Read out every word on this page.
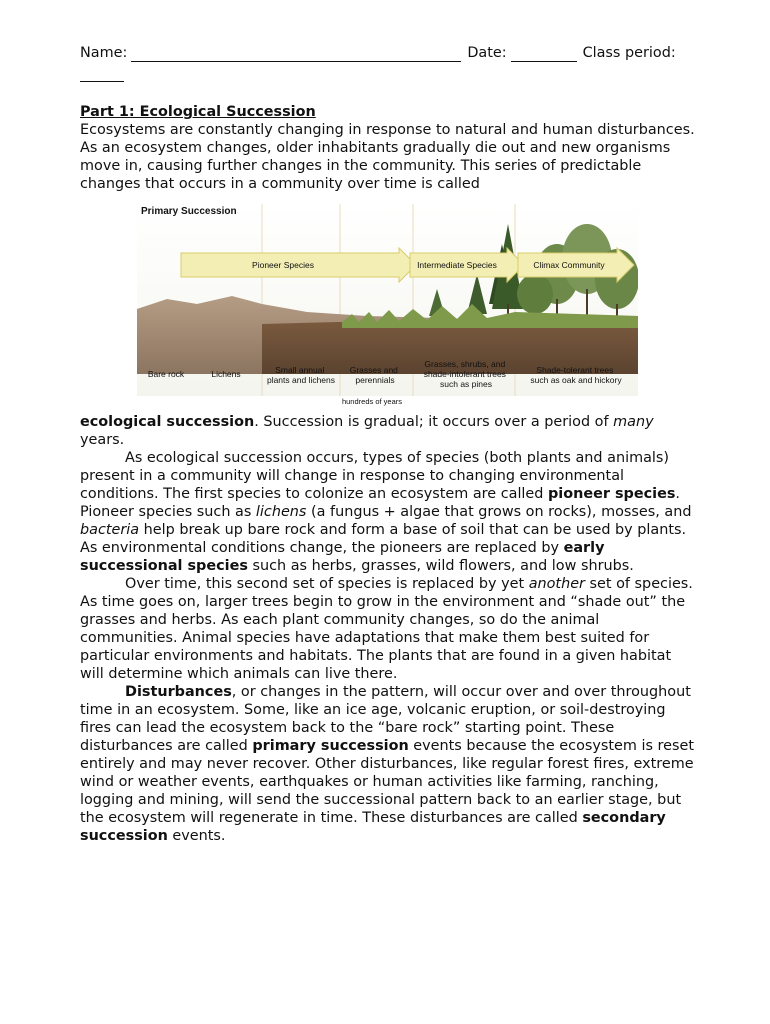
Name:	Date:	Class period:
Part 1: Ecological Succession

Ecosystems are constantly changing in response to natural and human disturbances. As an ecosystem changes, older inhabitants gradually die out and new organisms move in, causing further changes in the community. This series of predictable changes that occurs in a community over time is called

Primary Succession
Pioneer Species	Intermediate Species	Climax Community
Bare rock	Lichens	Small annual plants and lichens
Grasses and perennials
Grasses, shrubs, and shade-intolerant trees such as pines
Shade-tolerant trees such as oak and hickory
hundreds of years

ecological succession. Succession is gradual; it occurs over a period of many years.

As ecological succession occurs, types of species (both plants and animals) present in a community will change in response to changing environmental conditions. The first species to colonize an ecosystem are called pioneer species. Pioneer species such as lichens (a fungus + algae that grows on rocks), mosses, and bacteria help break up bare rock and form a base of soil that can be used by plants. As environmental conditions change, the pioneers are replaced by early successional species such as herbs, grasses, wild flowers, and low shrubs.

Over time, this second set of species is replaced by yet another set of species. As time goes on, larger trees begin to grow in the environment and “shade out” the grasses and herbs. As each plant community changes, so do the animal communities. Animal species have adaptations that make them best suited for particular environments and habitats. The plants that are found in a given habitat will determine which animals can live there.

Disturbances, or changes in the pattern, will occur over and over throughout time in an ecosystem. Some, like an ice age, volcanic eruption, or soil-destroying fires can lead the ecosystem back to the “bare rock” starting point. These disturbances are called primary succession events because the ecosystem is reset entirely and may never recover. Other disturbances, like regular forest fires, extreme wind or weather events, earthquakes or human activities like farming, ranching, logging and mining, will send the successional pattern back to an earlier stage, but the ecosystem will regenerate in time. These disturbances are called secondary succession events.
